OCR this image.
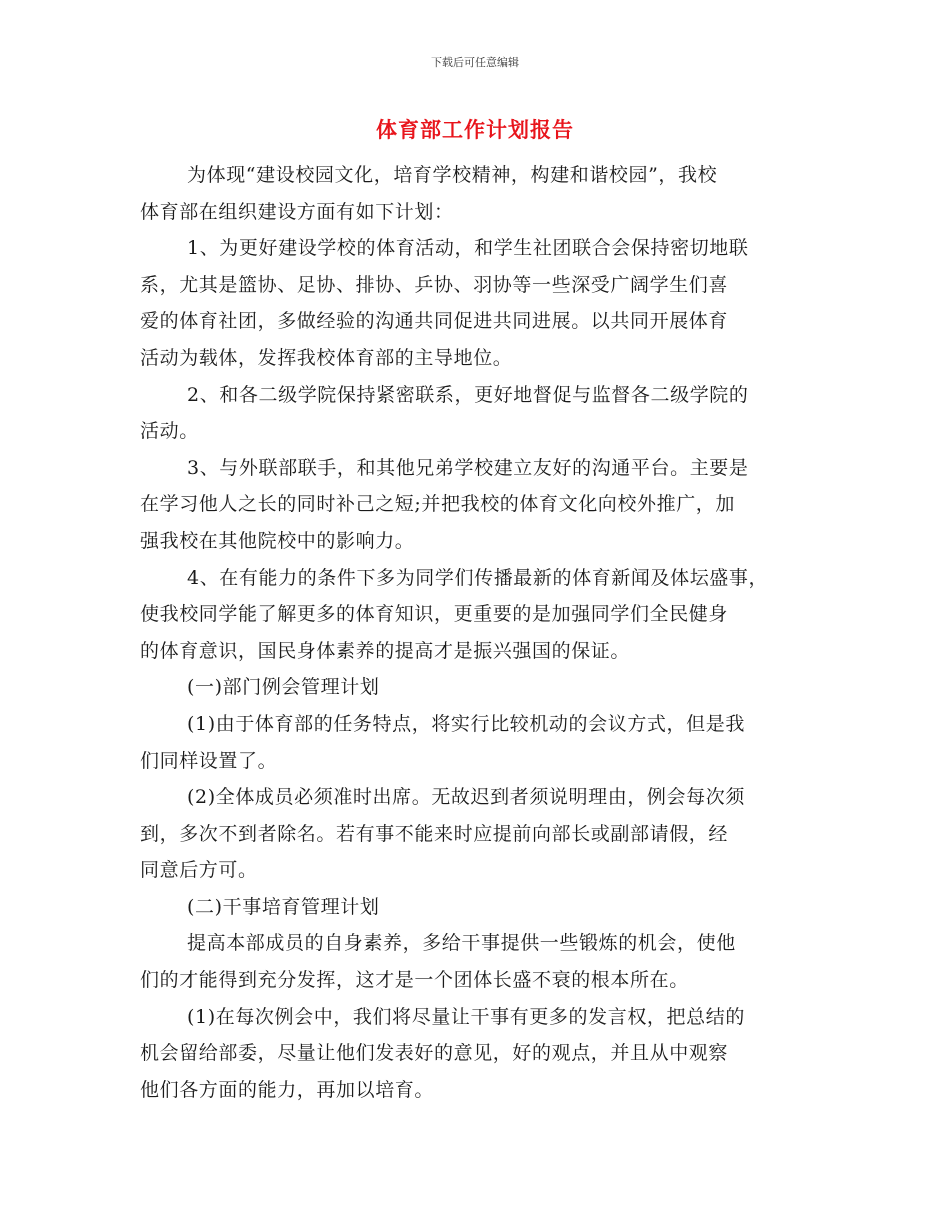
下载后可任意编辑
体育部工作计划报告
为体现“建设校园文化，培育学校精神，构建和谐校园”，我校
体育部在组织建设方面有如下计划：
1、为更好建设学校的体育活动，和学生社团联合会保持密切地联
系，尤其是篮协、足协、排协、乒协、羽协等一些深受广阔学生们喜
爱的体育社团，多做经验的沟通共同促进共同进展。以共同开展体育
活动为载体，发挥我校体育部的主导地位。
2、和各二级学院保持紧密联系，更好地督促与监督各二级学院的
活动。
3、与外联部联手，和其他兄弟学校建立友好的沟通平台。主要是
在学习他人之长的同时补己之短;并把我校的体育文化向校外推广，加
强我校在其他院校中的影响力。
4、在有能力的条件下多为同学们传播最新的体育新闻及体坛盛事，
使我校同学能了解更多的体育知识，更重要的是加强同学们全民健身
的体育意识，国民身体素养的提高才是振兴强国的保证。
(一)部门例会管理计划
(1)由于体育部的任务特点，将实行比较机动的会议方式，但是我
们同样设置了。
(2)全体成员必须准时出席。无故迟到者须说明理由，例会每次须
到，多次不到者除名。若有事不能来时应提前向部长或副部请假，经
同意后方可。
(二)干事培育管理计划
提高本部成员的自身素养，多给干事提供一些锻炼的机会，使他
们的才能得到充分发挥，这才是一个团体长盛不衰的根本所在。
(1)在每次例会中，我们将尽量让干事有更多的发言权，把总结的
机会留给部委，尽量让他们发表好的意见，好的观点，并且从中观察
他们各方面的能力，再加以培育。
